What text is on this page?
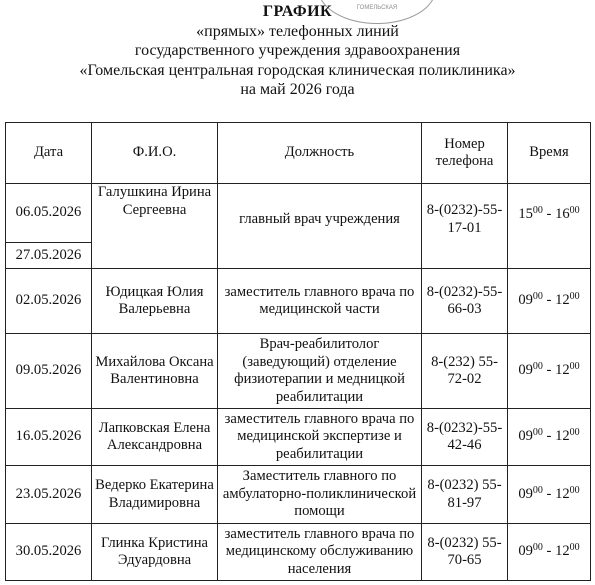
ГОМЕЛЬСКАЯ
ГРАФИК
«прямых» телефонных линий
государственного учреждения здравоохранения
«Гомельская центральная городская клиническая поликлиника»
на май 2026 года
Дата	Ф.И.О.	Должность	Номер телефона	Время
06.05.2026	Галушкина Ирина Сергеевна	главный врач учреждения	8-(0232)-55-17-01	$15^{00} - 16^{00}$
27.05.2026				
02.05.2026	Юдицкая Юлия Валерьевна	заместитель главного врача по медицинской части	8-(0232)-55-66-03	$09^{00} - 12^{00}$
09.05.2026	Михайлова Оксана Валентиновна	Врач-реабилитолог (заведующий) отделение физиотерапии и медницкой реабилитации	8-(232) 55-72-02	$09^{00} - 12^{00}$
16.05.2026	Лапковская Елена Александровна	заместитель главного врача по медицинской экспертизе и реабилитации	8-(0232)-55-42-46	$09^{00} - 12^{00}$
23.05.2026	Ведерко Екатерина Владимировна	Заместитель главного по амбулаторно-поликлинической помощи	8-(0232) 55-81-97	$09^{00} - 12^{00}$
30.05.2026	Глинка Кристина Эдуардовна	заместитель главного врача по медицинскому обслуживанию населения	8-(0232) 55-70-65	$09^{00} - 12^{00}$
